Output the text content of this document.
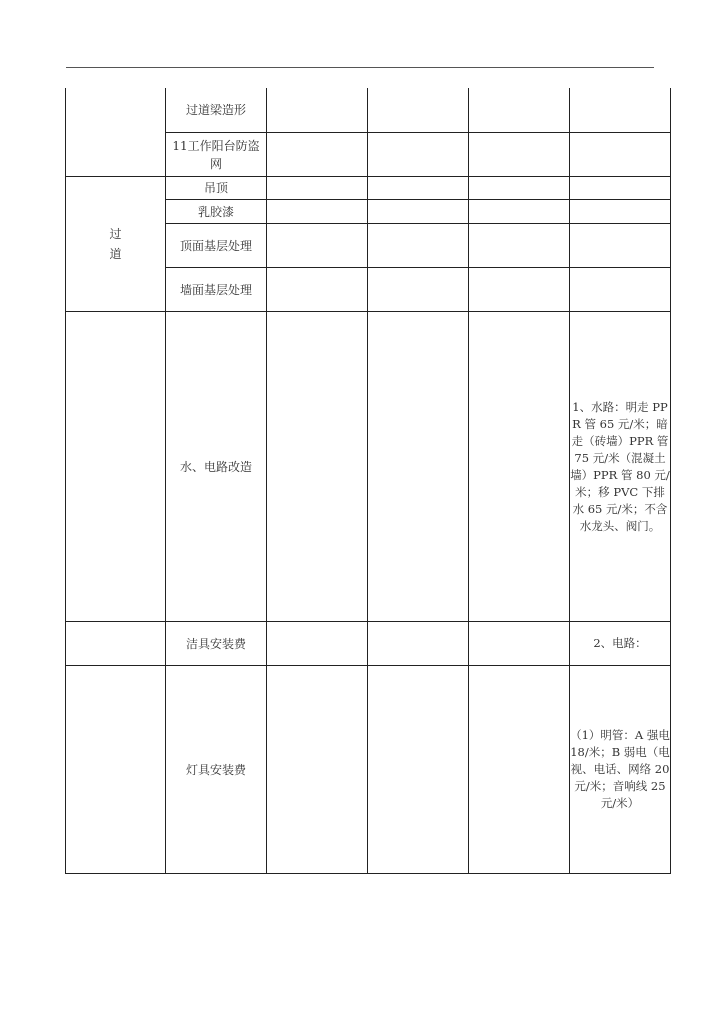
过
道
过道梁造形
11工作阳台防盗网
吊顶
乳胶漆
顶面基层处理
墙面基层处理
水、电路改造
洁具安装费
灯具安装费
1、水路：明走 PPR 管 65 元/米；暗走（砖墙）PPR 管 75 元/米（混凝土墙）PPR 管 80 元/米；移 PVC 下排水 65 元/米；不含水龙头、阀门。
2、电路：
（1）明管：A 强电 18/米；B 弱电（电视、电话、网络 20 元/米；音响线 25 元/米）
